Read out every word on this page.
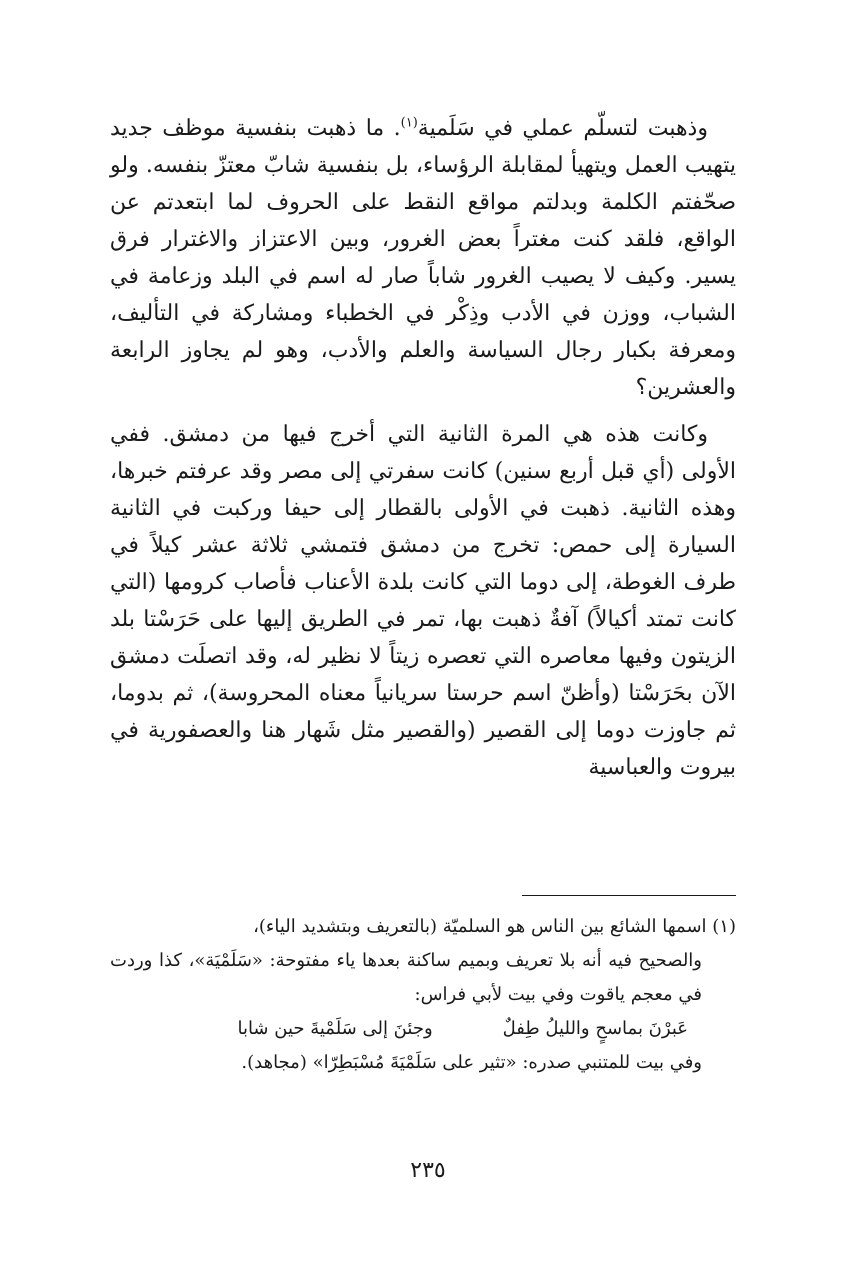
وذهبت لتسلّم عملي في سَلَمية$^{(١)}$. ما ذهبت بنفسية موظف جديد يتهيب العمل ويتهيأ لمقابلة الرؤساء، بل بنفسية شابّ معتزّ بنفسه. ولو صحّفتم الكلمة وبدلتم مواقع النقط على الحروف لما ابتعدتم عن الواقع، فلقد كنت مغتراً بعض الغرور، وبين الاعتزاز والاغترار فرق يسير. وكيف لا يصيب الغرور شاباً صار له اسم في البلد وزعامة في الشباب، ووزن في الأدب وذِكْر في الخطباء ومشاركة في التأليف، ومعرفة بكبار رجال السياسة والعلم والأدب، وهو لم يجاوز الرابعة والعشرين؟

وكانت هذه هي المرة الثانية التي أخرج فيها من دمشق. ففي الأولى (أي قبل أربع سنين) كانت سفرتي إلى مصر وقد عرفتم خبرها، وهذه الثانية. ذهبت في الأولى بالقطار إلى حيفا وركبت في الثانية السيارة إلى حمص: تخرج من دمشق فتمشي ثلاثة عشر كيلاً في طرف الغوطة، إلى دوما التي كانت بلدة الأعناب فأصاب كرومها (التي كانت تمتد أكيالاً) آفةٌ ذهبت بها، تمر في الطريق إليها على حَرَسْتا بلد الزيتون وفيها معاصره التي تعصره زيتاً لا نظير له، وقد اتصلَت دمشق الآن بحَرَسْتا (وأظنّ اسم حرستا سريانياً معناه المحروسة)، ثم بدوما، ثم جاوزت دوما إلى القصير (والقصير مثل شَهار هنا والعصفورية في بيروت والعباسية

(١) اسمها الشائع بين الناس هو السلميّة (بالتعريف وبتشديد الياء)،

والصحيح فيه أنه بلا تعريف وبميم ساكنة بعدها ياء مفتوحة: «سَلَمْيَة»، كذا وردت في معجم ياقوت وفي بيت لأبي فراس:

عَبرْنَ بماسحٍ والليلُ طِفلٌ
وجئنَ إلى سَلَمْيةَ حين شابا

وفي بيت للمتنبي صدره: «تثير على سَلَمْيَةَ مُسْبَطِرّا» (مجاهد).

٢٣٥
